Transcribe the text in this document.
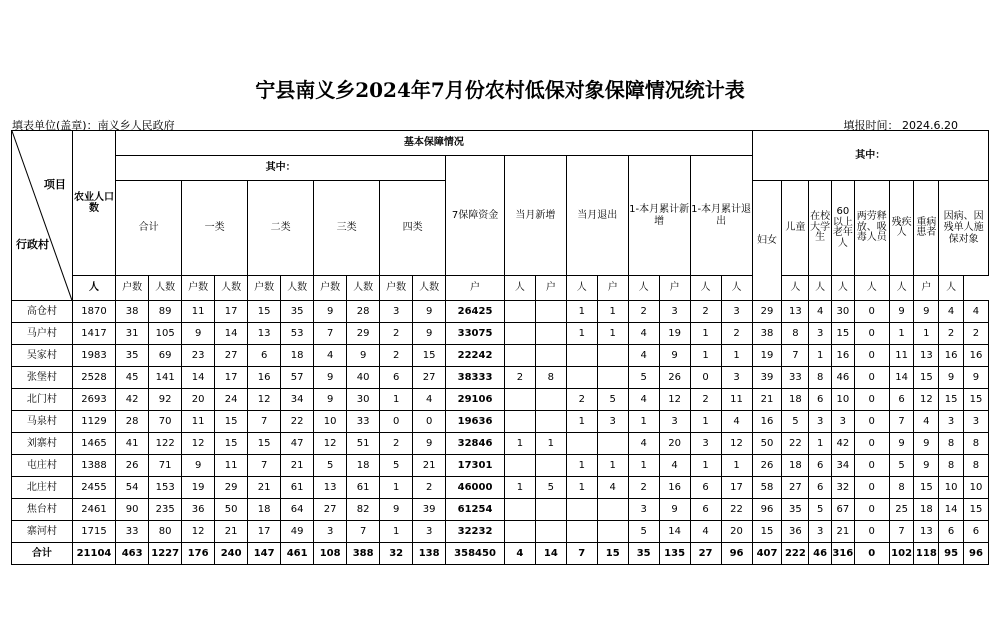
宁县南义乡2024年7月份农村低保对象保障情况统计表
填表单位(盖章)：南义乡人民政府	填报时间： 2024.6.20
项目
行政村	农业人口数	基本保障情况																			其中：								
		其中：										7保障资金	当月新增		当月退出		1-本月累计新增		1-本月累计退出										
		合计		一类		二类		三类		四类											妇女	儿童	在校大学生	60以上老年人	两劳释放、吸毒人员	残疾人	重病患者	因病、因残单人施保对象	
	人	户数	人数	户数	人数	户数	人数	户数	人数	户数	人数	户	人	户	人	户	人	户	人	人		人	人	人	人	人	户	人	
高仓村	1870	38	89	11	17	15	35	9	28	3	9	26425			1	1	2	3	2	3	29	13	4	30	0	9	9	4	4
马户村	1417	31	105	9	14	13	53	7	29	2	9	33075			1	1	4	19	1	2	38	8	3	15	0	1	1	2	2
吴家村	1983	35	69	23	27	6	18	4	9	2	15	22242					4	9	1	1	19	7	1	16	0	11	13	16	16
张堡村	2528	45	141	14	17	16	57	9	40	6	27	38333	2	8			5	26	0	3	39	33	8	46	0	14	15	9	9
北门村	2693	42	92	20	24	12	34	9	30	1	4	29106			2	5	4	12	2	11	21	18	6	10	0	6	12	15	15
马泉村	1129	28	70	11	15	7	22	10	33	0	0	19636			1	3	1	3	1	4	16	5	3	3	0	7	4	3	3
刘寨村	1465	41	122	12	15	15	47	12	51	2	9	32846	1	1			4	20	3	12	50	22	1	42	0	9	9	8	8
屯庄村	1388	26	71	9	11	7	21	5	18	5	21	17301			1	1	1	4	1	1	26	18	6	34	0	5	9	8	8
北庄村	2455	54	153	19	29	21	61	13	61	1	2	46000	1	5	1	4	2	16	6	17	58	27	6	32	0	8	15	10	10
焦台村	2461	90	235	36	50	18	64	27	82	9	39	61254					3	9	6	22	96	35	5	67	0	25	18	14	15
寨河村	1715	33	80	12	21	17	49	3	7	1	3	32232					5	14	4	20	15	36	3	21	0	7	13	6	6
合计	21104	463	1227	176	240	147	461	108	388	32	138	358450	4	14	7	15	35	135	27	96	407	222	46	316	0	102	118	95	96
